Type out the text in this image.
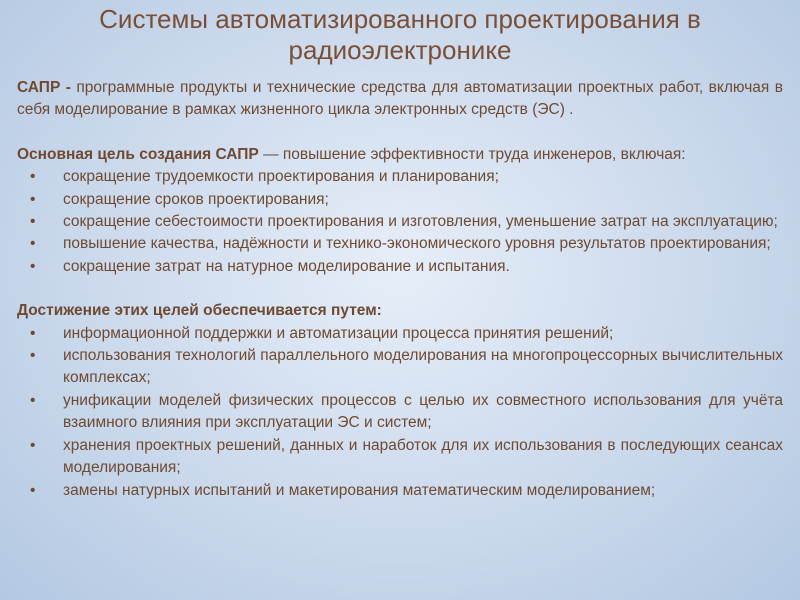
Системы автоматизированного проектирования в
радиоэлектронике

САПР - программные продукты и технические средства для автоматизации проектных работ, включая в себя моделирование в рамках жизненного цикла электронных средств (ЭС) .

Основная цель создания САПР — повышение эффективности труда инженеров, включая:

• сокращение трудоемкости проектирования и планирования;
• сокращение сроков проектирования;
• сокращение себестоимости проектирования и изготовления, уменьшение затрат на эксплуатацию;
• повышение качества, надёжности и технико-экономического уровня результатов проектирования;
• сокращение затрат на натурное моделирование и испытания.

Достижение этих целей обеспечивается путем:

• информационной поддержки и автоматизации процесса принятия решений;
• использования технологий параллельного моделирования на многопроцессорных вычислительных комплексах;
• унификации моделей физических процессов с целью их совместного использования для учёта взаимного влияния при эксплуатации ЭС и систем;
• хранения проектных решений, данных и наработок для их использования в последующих сеансах моделирования;
• замены натурных испытаний и макетирования математическим моделированием;
